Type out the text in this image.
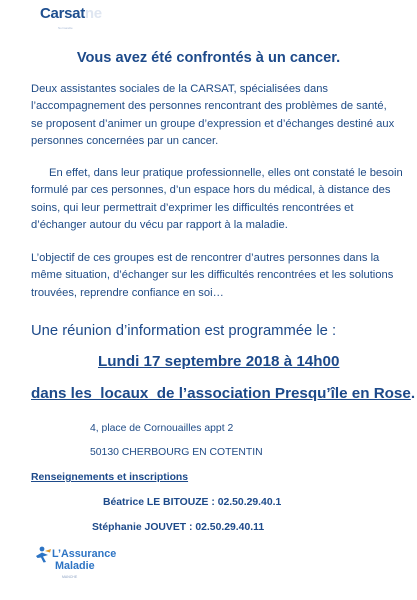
Carsatne
Normandie
Vous avez été confrontés à un cancer.
Deux assistantes sociales de la CARSAT, spécialisées dans l’accompagnement des personnes rencontrant des problèmes de santé, se proposent d’animer un groupe d’expression et d’échanges destiné aux personnes concernées par un cancer.
En effet, dans leur pratique professionnelle, elles ont constaté le besoin formulé par ces personnes, d’un espace hors du médical, à distance des soins, qui leur permettrait d’exprimer les difficultés rencontrées et d’échanger autour du vécu par rapport à la maladie.
L’objectif de ces groupes est de rencontrer d’autres personnes dans la même situation, d’échanger sur les difficultés rencontrées et les solutions trouvées, reprendre confiance en soi…
Une réunion d’information est programmée le :
Lundi 17 septembre 2018 à 14h00
dans les  locaux  de l’association Presqu’île en Rose.
4, place de Cornouailles appt 2
50130 CHERBOURG EN COTENTIN
Renseignements et inscriptions
Béatrice LE BITOUZE : 02.50.29.40.1
Stéphanie JOUVET : 02.50.29.40.11
L’Assurance
Maladie
MANCHE
